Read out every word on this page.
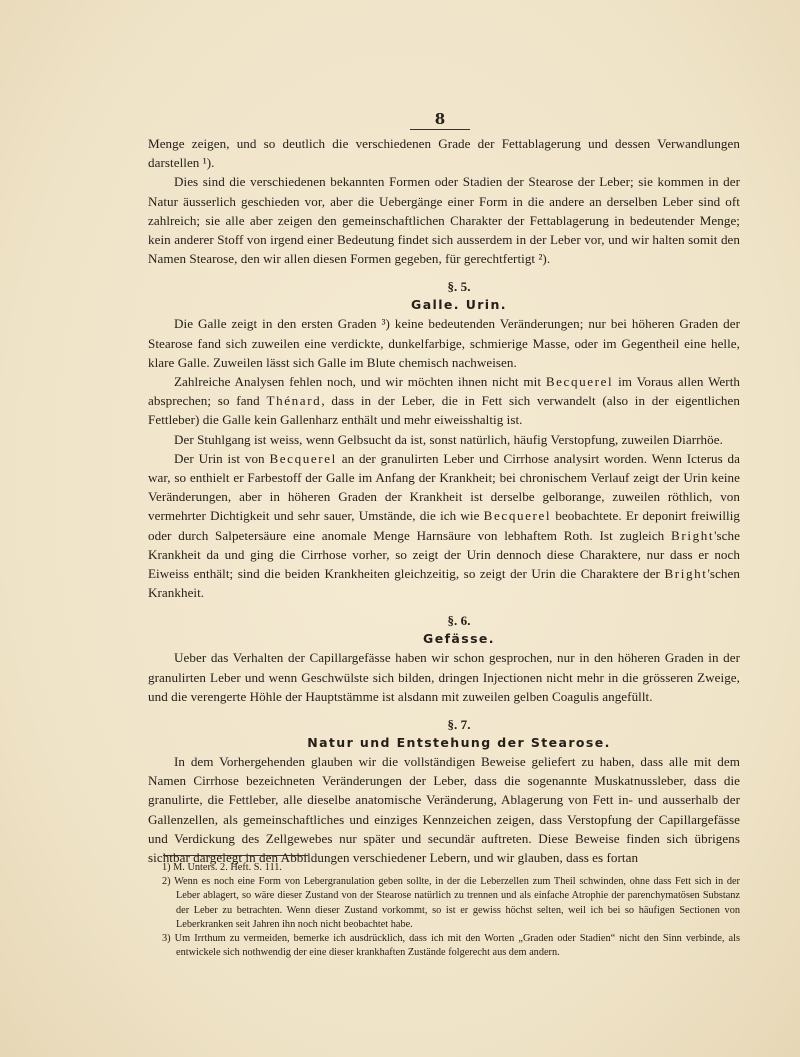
8

Menge zeigen, und so deutlich die verschiedenen Grade der Fettablagerung und dessen Verwandlungen darstellen ¹).

Dies sind die verschiedenen bekannten Formen oder Stadien der Stearose der Leber; sie kommen in der Natur äusserlich geschieden vor, aber die Uebergänge einer Form in die andere an derselben Leber sind oft zahlreich; sie alle aber zeigen den gemeinschaftlichen Charakter der Fettablagerung in bedeutender Menge; kein anderer Stoff von irgend einer Bedeutung findet sich ausserdem in der Leber vor, und wir halten somit den Namen Stearose, den wir allen diesen Formen gegeben, für gerechtfertigt ²).

§. 5.
Galle. Urin.

Die Galle zeigt in den ersten Graden ³) keine bedeutenden Veränderungen; nur bei höheren Graden der Stearose fand sich zuweilen eine verdickte, dunkelfarbige, schmierige Masse, oder im Gegentheil eine helle, klare Galle. Zuweilen lässt sich Galle im Blute chemisch nachweisen.

Zahlreiche Analysen fehlen noch, und wir möchten ihnen nicht mit Becquerel im Voraus allen Werth absprechen; so fand Thénard, dass in der Leber, die in Fett sich verwandelt (also in der eigentlichen Fettleber) die Galle kein Gallenharz enthält und mehr eiweisshaltig ist.

Der Stuhlgang ist weiss, wenn Gelbsucht da ist, sonst natürlich, häufig Verstopfung, zuweilen Diarrhöe.

Der Urin ist von Becquerel an der granulirten Leber und Cirrhose analysirt worden. Wenn Icterus da war, so enthielt er Farbestoff der Galle im Anfang der Krankheit; bei chronischem Verlauf zeigt der Urin keine Veränderungen, aber in höheren Graden der Krankheit ist derselbe gelborange, zuweilen röthlich, von vermehrter Dichtigkeit und sehr sauer, Umstände, die ich wie Becquerel beobachtete. Er deponirt freiwillig oder durch Salpetersäure eine anomale Menge Harnsäure von lebhaftem Roth. Ist zugleich Bright'sche Krankheit da und ging die Cirrhose vorher, so zeigt der Urin dennoch diese Charaktere, nur dass er noch Eiweiss enthält; sind die beiden Krankheiten gleichzeitig, so zeigt der Urin die Charaktere der Bright'schen Krankheit.

§. 6.
Gefässe.

Ueber das Verhalten der Capillargefässe haben wir schon gesprochen, nur in den höheren Graden in der granulirten Leber und wenn Geschwülste sich bilden, dringen Injectionen nicht mehr in die grösseren Zweige, und die verengerte Höhle der Hauptstämme ist alsdann mit zuweilen gelben Coagulis angefüllt.

§. 7.
Natur und Entstehung der Stearose.

In dem Vorhergehenden glauben wir die vollständigen Beweise geliefert zu haben, dass alle mit dem Namen Cirrhose bezeichneten Veränderungen der Leber, dass die sogenannte Muskatnussleber, dass die granulirte, die Fettleber, alle dieselbe anatomische Veränderung, Ablagerung von Fett in- und ausserhalb der Gallenzellen, als gemeinschaftliches und einziges Kennzeichen zeigen, dass Verstopfung der Capillargefässe und Verdickung des Zellgewebes nur später und secundär auftreten. Diese Beweise finden sich übrigens sichtbar dargelegt in den Abbildungen verschiedener Lebern, und wir glauben, dass es fortan

1) M. Unters. 2. Heft. S. 111.

2) Wenn es noch eine Form von Lebergranulation geben sollte, in der die Leberzellen zum Theil schwinden, ohne dass Fett sich in der Leber ablagert, so wäre dieser Zustand von der Stearose natürlich zu trennen und als einfache Atrophie der parenchymatösen Substanz der Leber zu betrachten. Wenn dieser Zustand vorkommt, so ist er gewiss höchst selten, weil ich bei so häufigen Sectionen von Leberkranken seit Jahren ihn noch nicht beobachtet habe.

3) Um Irrthum zu vermeiden, bemerke ich ausdrücklich, dass ich mit den Worten „Graden oder Stadien“ nicht den Sinn verbinde, als entwickele sich nothwendig der eine dieser krankhaften Zustände folgerecht aus dem andern.
